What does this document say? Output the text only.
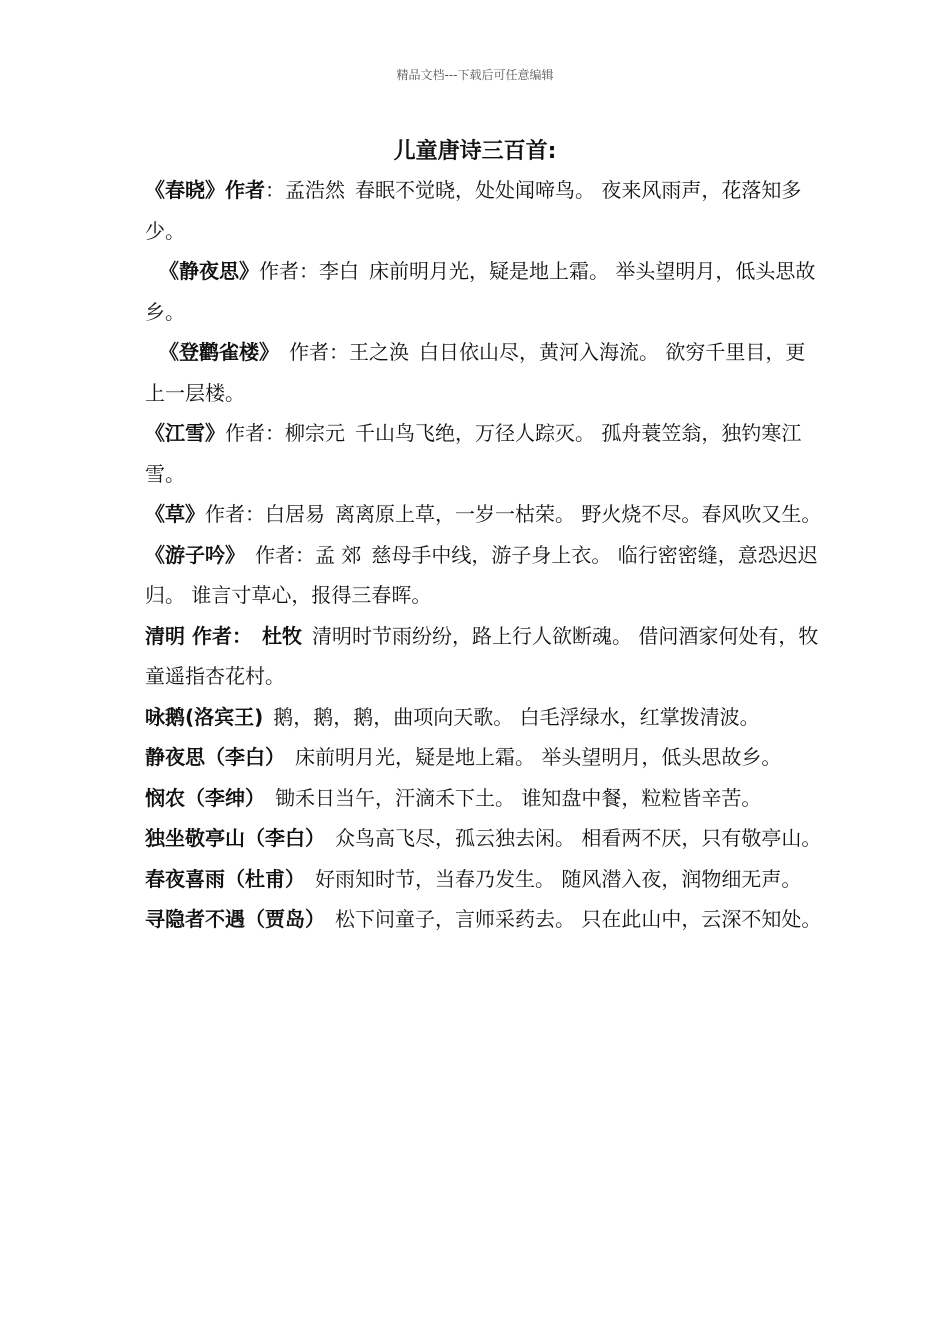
精品文档---下载后可任意编辑
儿童唐诗三百首:

《春晓》作者：孟浩然 春眠不觉晓，处处闻啼鸟。 夜来风雨声，花落知多少。

《静夜思》作者：李白 床前明月光，疑是地上霜。 举头望明月，低头思故乡。

《登鹳雀楼》 作者：王之涣 白日依山尽，黄河入海流。 欲穷千里目，更上一层楼。

《江雪》作者：柳宗元 千山鸟飞绝，万径人踪灭。 孤舟蓑笠翁，独钓寒江雪。

《草》作者：白居易 离离原上草，一岁一枯荣。 野火烧不尽。春风吹又生。

《游子吟》 作者：孟 郊 慈母手中线，游子身上衣。 临行密密缝，意恐迟迟归。 谁言寸草心，报得三春晖。

清明 作者： 杜牧 清明时节雨纷纷，路上行人欲断魂。 借问酒家何处有，牧童遥指杏花村。

咏鹅(洛宾王) 鹅，鹅，鹅，曲项向天歌。 白毛浮绿水，红掌拨清波。

静夜思（李白） 床前明月光，疑是地上霜。 举头望明月，低头思故乡。

悯农（李绅） 锄禾日当午，汗滴禾下土。 谁知盘中餐，粒粒皆辛苦。

独坐敬亭山（李白） 众鸟高飞尽，孤云独去闲。 相看两不厌，只有敬亭山。

春夜喜雨（杜甫） 好雨知时节，当春乃发生。 随风潜入夜，润物细无声。

寻隐者不遇（贾岛） 松下问童子，言师采药去。 只在此山中，云深不知处。
